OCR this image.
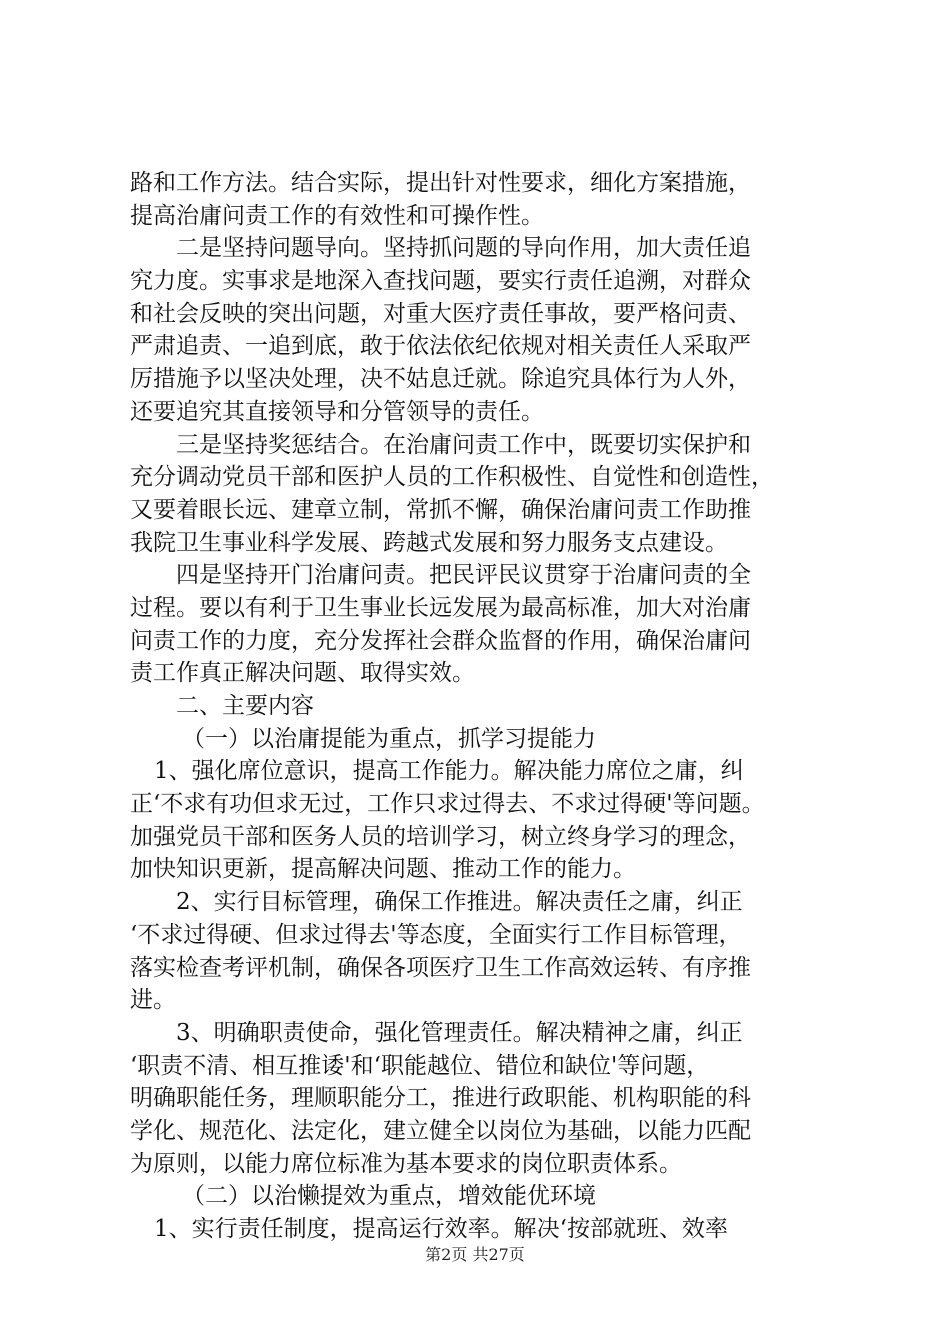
路和工作方法。结合实际，提出针对性要求，细化方案措施，
提高治庸问责工作的有效性和可操作性。
二是坚持问题导向。坚持抓问题的导向作用，加大责任追
究力度。实事求是地深入查找问题，要实行责任追溯，对群众
和社会反映的突出问题，对重大医疗责任事故，要严格问责、
严肃追责、一追到底，敢于依法依纪依规对相关责任人采取严
厉措施予以坚决处理，决不姑息迁就。除追究具体行为人外，
还要追究其直接领导和分管领导的责任。
三是坚持奖惩结合。在治庸问责工作中，既要切实保护和
充分调动党员干部和医护人员的工作积极性、自觉性和创造性，
又要着眼长远、建章立制，常抓不懈，确保治庸问责工作助推
我院卫生事业科学发展、跨越式发展和努力服务支点建设。
四是坚持开门治庸问责。把民评民议贯穿于治庸问责的全
过程。要以有利于卫生事业长远发展为最高标准，加大对治庸
问责工作的力度，充分发挥社会群众监督的作用，确保治庸问
责工作真正解决问题、取得实效。
二、主要内容
（一）以治庸提能为重点，抓学习提能力
1、强化席位意识，提高工作能力。解决能力席位之庸，纠
正‘不求有功但求无过，工作只求过得去、不求过得硬'等问题。
加强党员干部和医务人员的培训学习，树立终身学习的理念，
加快知识更新，提高解决问题、推动工作的能力。
2、实行目标管理，确保工作推进。解决责任之庸，纠正
‘不求过得硬、但求过得去'等态度，全面实行工作目标管理，
落实检查考评机制，确保各项医疗卫生工作高效运转、有序推
进。
3、明确职责使命，强化管理责任。解决精神之庸，纠正
‘职责不清、相互推诿'和‘职能越位、错位和缺位'等问题，
明确职能任务，理顺职能分工，推进行政职能、机构职能的科
学化、规范化、法定化，建立健全以岗位为基础，以能力匹配
为原则，以能力席位标准为基本要求的岗位职责体系。
（二）以治懒提效为重点，增效能优环境
1、实行责任制度，提高运行效率。解决‘按部就班、效率
第2页 共27页
